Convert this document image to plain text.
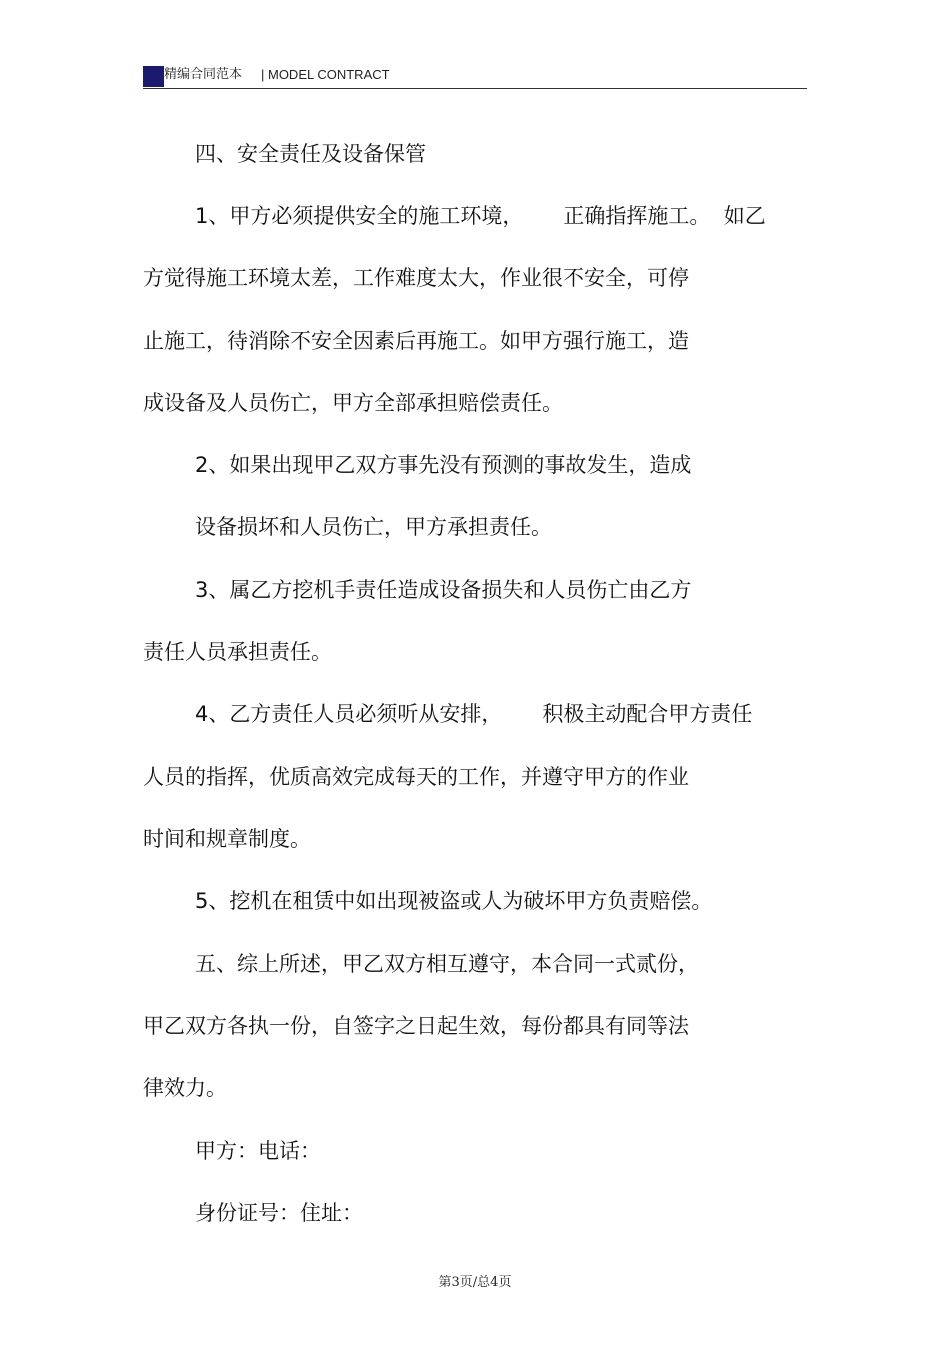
精编合同范本 | MODEL CONTRACT
四、安全责任及设备保管
1、甲方必须提供安全的施工环境，      正确指挥施工。  如乙
方觉得施工环境太差，工作难度太大，作业很不安全，可停
止施工，待消除不安全因素后再施工。如甲方强行施工，造
成设备及人员伤亡，甲方全部承担赔偿责任。
2、如果出现甲乙双方事先没有预测的事故发生，造成
设备损坏和人员伤亡，甲方承担责任。
3、属乙方挖机手责任造成设备损失和人员伤亡由乙方
责任人员承担责任。
4、乙方责任人员必须听从安排，      积极主动配合甲方责任
人员的指挥，优质高效完成每天的工作，并遵守甲方的作业
时间和规章制度。
5、挖机在租赁中如出现被盗或人为破坏甲方负责赔偿。
五、综上所述，甲乙双方相互遵守，本合同一式贰份，
甲乙双方各执一份，自签字之日起生效，每份都具有同等法
律效力。
甲方：电话：
身份证号：住址：
第3页/总4页
